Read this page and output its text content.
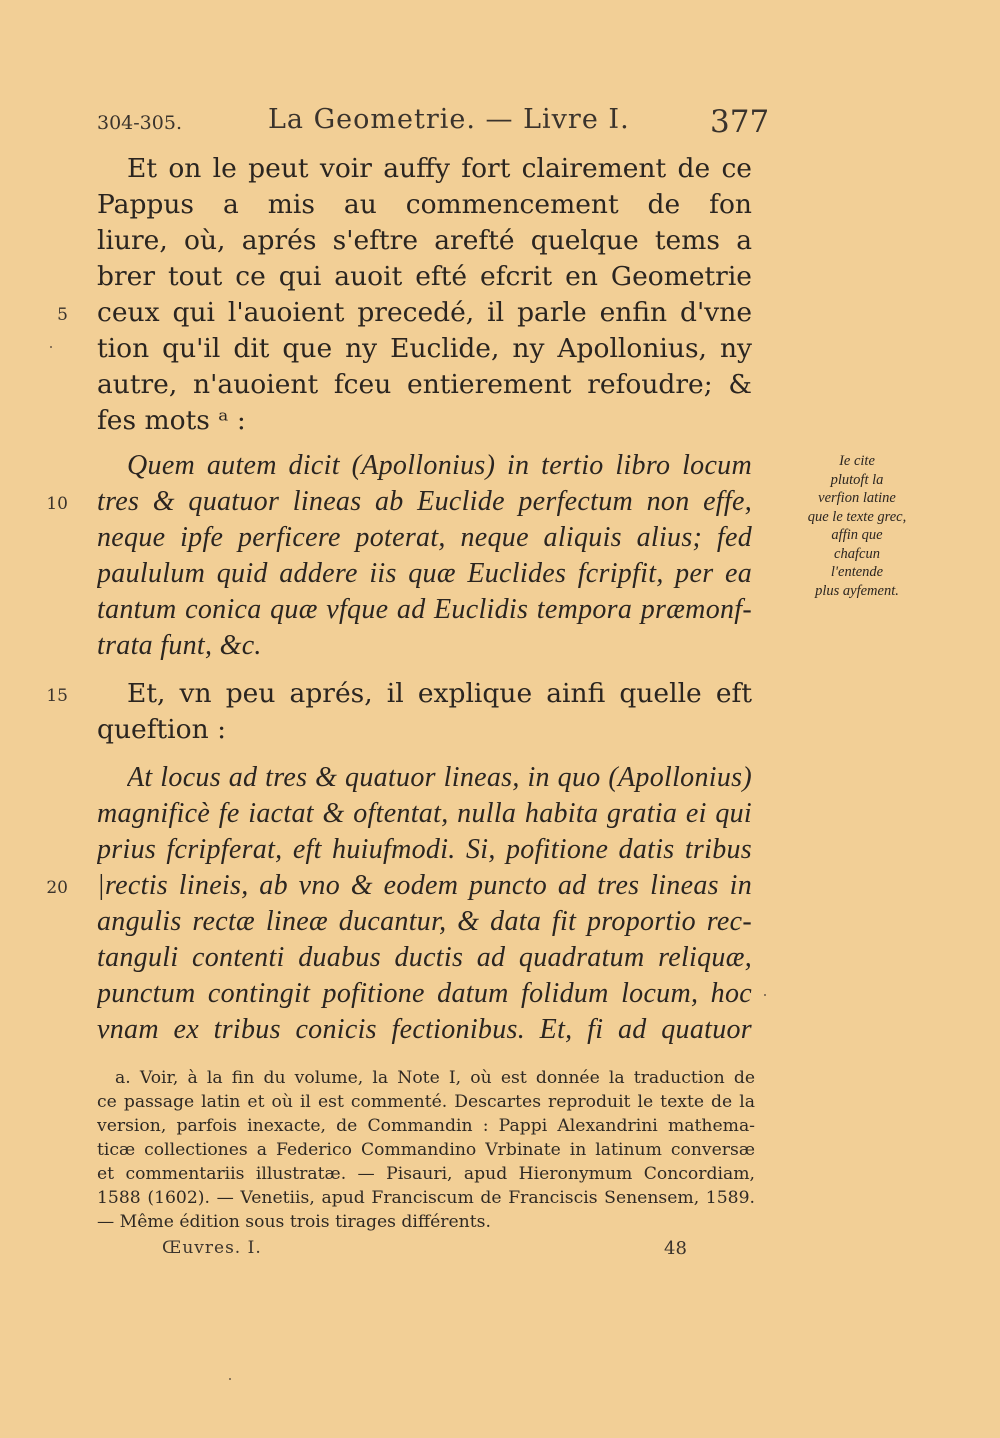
304-305.	La Geometrie. — Livre I.	377
Et on le peut voir auffy fort clairement de ce
Pappus a mis au commencement de fon
liure, où, aprés s'eftre arefté quelque tems a
brer tout ce qui auoit efté efcrit en Geometrie
ceux qui l'auoient precedé, il parle enfin d'vne
5
tion qu'il dit que ny Euclide, ny Apollonius, ny
autre, n'auoient fceu entierement refoudre; &
fes mots ᵃ :
Quem autem dicit (Apollonius) in tertio libro locum
tres & quatuor lineas ab Euclide perfectum non effe,
10
neque ipfe perficere poterat, neque aliquis alius; fed
paululum quid addere iis quæ Euclides fcripfit, per ea
tantum conica quæ vfque ad Euclidis tempora præmonf-
trata funt, &c.
Et, vn peu aprés, il explique ainfi quelle eft
15
queftion :
At locus ad tres & quatuor lineas, in quo (Apollonius)
magnificè fe iactat & oftentat, nulla habita gratia ei qui
prius fcripferat, eft huiufmodi. Si, pofitione datis tribus
|rectis lineis, ab vno & eodem puncto ad tres lineas in
20
angulis rectæ lineæ ducantur, & data fit proportio rec-
tanguli contenti duabus ductis ad quadratum reliquæ,
punctum contingit pofitione datum folidum locum, hoc
vnam ex tribus conicis fectionibus. Et, fi ad quatuor
Ie cite
plutoft la
verfion latine
que le texte grec,
affin que
chafcun
l'entende
plus ayfement.
a. Voir, à la fin du volume, la Note I, où est donnée la traduction de
ce passage latin et où il est commenté. Descartes reproduit le texte de la
version, parfois inexacte, de Commandin : Pappi Alexandrini mathema-
ticæ collectiones a Federico Commandino Vrbinate in latinum conversæ
et commentariis illustratæ. — Pisauri, apud Hieronymum Concordiam,
1588 (1602). — Venetiis, apud Franciscum de Franciscis Senensem, 1589.
— Même édition sous trois tirages différents.
Œuvres. I.	48
